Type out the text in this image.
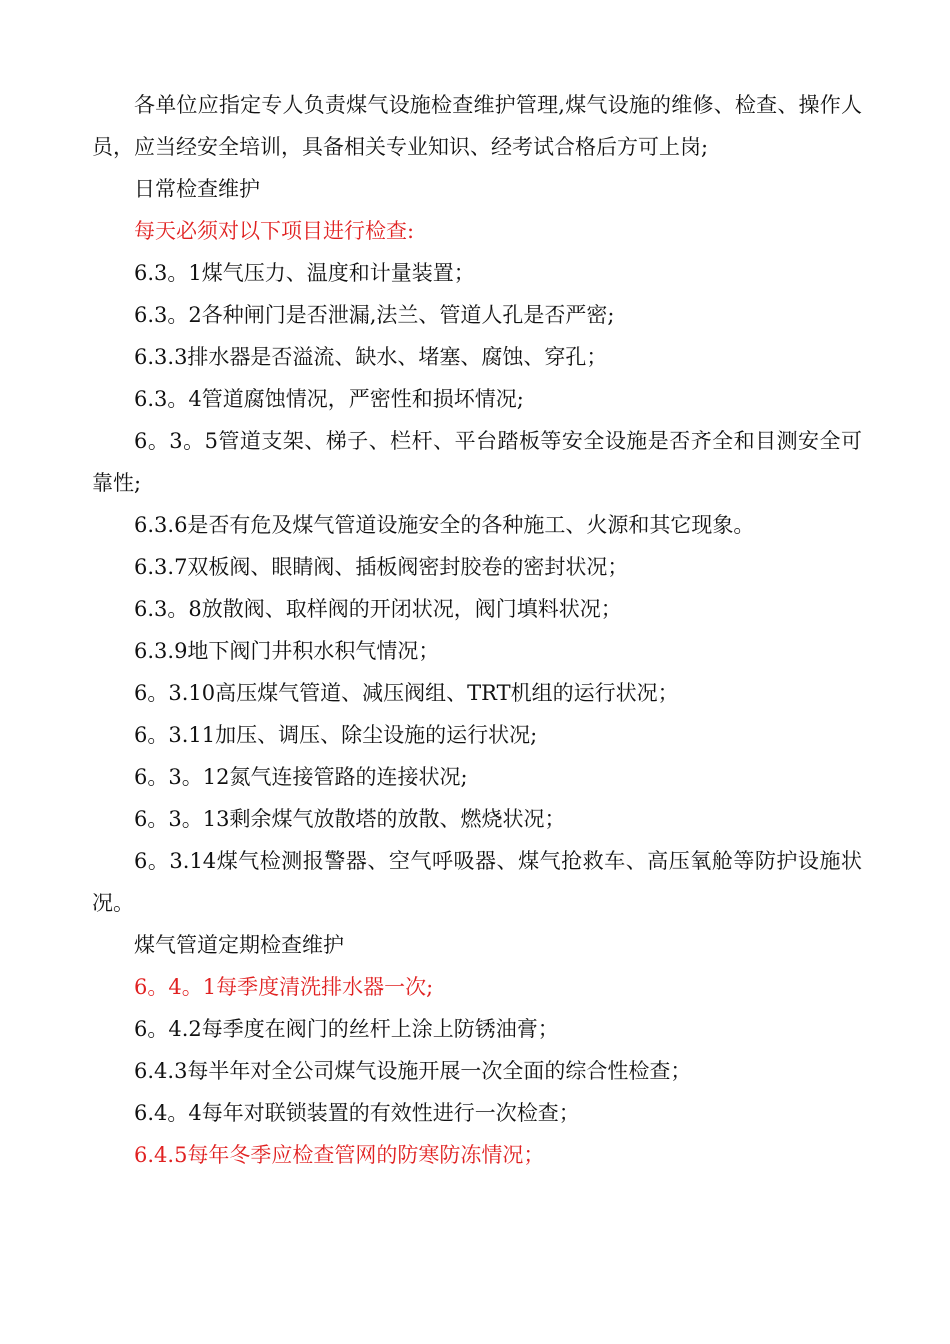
各单位应指定专人负责煤气设施检查维护管理,煤气设施的维修、检查、操作人员，应当经安全培训，具备相关专业知识、经考试合格后方可上岗;

日常检查维护

每天必须对以下项目进行检查:

6.3。1煤气压力、温度和计量装置；

6.3。2各种闸门是否泄漏,法兰、管道人孔是否严密;

6.3.3排水器是否溢流、缺水、堵塞、腐蚀、穿孔；

6.3。4管道腐蚀情况，严密性和损坏情况;

6。3。5管道支架、梯子、栏杆、平台踏板等安全设施是否齐全和目测安全可靠性;

6.3.6是否有危及煤气管道设施安全的各种施工、火源和其它现象。

6.3.7双板阀、眼睛阀、插板阀密封胶卷的密封状况；

6.3。8放散阀、取样阀的开闭状况，阀门填料状况；

6.3.9地下阀门井积水积气情况；

6。3.10高压煤气管道、减压阀组、TRT机组的运行状况；

6。3.11加压、调压、除尘设施的运行状况;

6。3。12氮气连接管路的连接状况;

6。3。13剩余煤气放散塔的放散、燃烧状况；

6。3.14煤气检测报警器、空气呼吸器、煤气抢救车、高压氧舱等防护设施状况。

煤气管道定期检查维护

6。4。1每季度清洗排水器一次;

6。4.2每季度在阀门的丝杆上涂上防锈油膏；

6.4.3每半年对全公司煤气设施开展一次全面的综合性检查；

6.4。4每年对联锁装置的有效性进行一次检查；

6.4.5每年冬季应检查管网的防寒防冻情况；
